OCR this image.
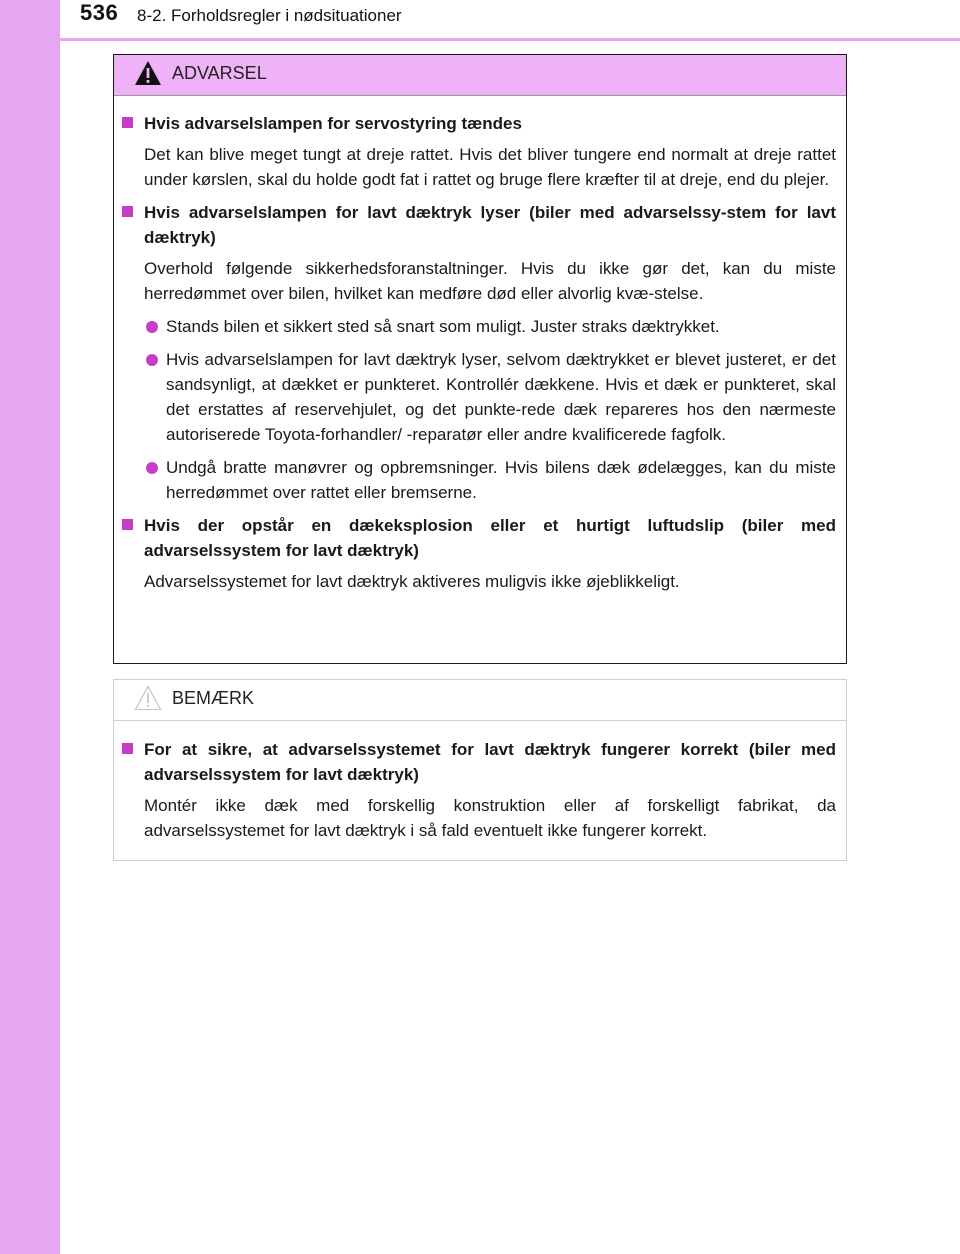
536 8-2. Forholdsregler i nødsituationer
ADVARSEL
Hvis advarselslampen for servostyring tændes
Det kan blive meget tungt at dreje rattet. Hvis det bliver tungere end normalt at dreje rattet under kørslen, skal du holde godt fat i rattet og bruge flere kræfter til at dreje, end du plejer.
Hvis advarselslampen for lavt dæktryk lyser (biler med advarselssy-stem for lavt dæktryk)
Overhold følgende sikkerhedsforanstaltninger. Hvis du ikke gør det, kan du miste herredømmet over bilen, hvilket kan medføre død eller alvorlig kvæ-stelse.
Stands bilen et sikkert sted så snart som muligt. Juster straks dæktrykket.
Hvis advarselslampen for lavt dæktryk lyser, selvom dæktrykket er blevet justeret, er det sandsynligt, at dækket er punkteret. Kontrollér dækkene. Hvis et dæk er punkteret, skal det erstattes af reservehjulet, og det punkte-rede dæk repareres hos den nærmeste autoriserede Toyota-forhandler/ -reparatør eller andre kvalificerede fagfolk.
Undgå bratte manøvrer og opbremsninger. Hvis bilens dæk ødelægges, kan du miste herredømmet over rattet eller bremserne.
Hvis der opstår en dækeksplosion eller et hurtigt luftudslip (biler med advarselssystem for lavt dæktryk)
Advarselssystemet for lavt dæktryk aktiveres muligvis ikke øjeblikkeligt.
BEMÆRK
For at sikre, at advarselssystemet for lavt dæktryk fungerer korrekt (biler med advarselssystem for lavt dæktryk)
Montér ikke dæk med forskellig konstruktion eller af forskelligt fabrikat, da advarselssystemet for lavt dæktryk i så fald eventuelt ikke fungerer korrekt.
